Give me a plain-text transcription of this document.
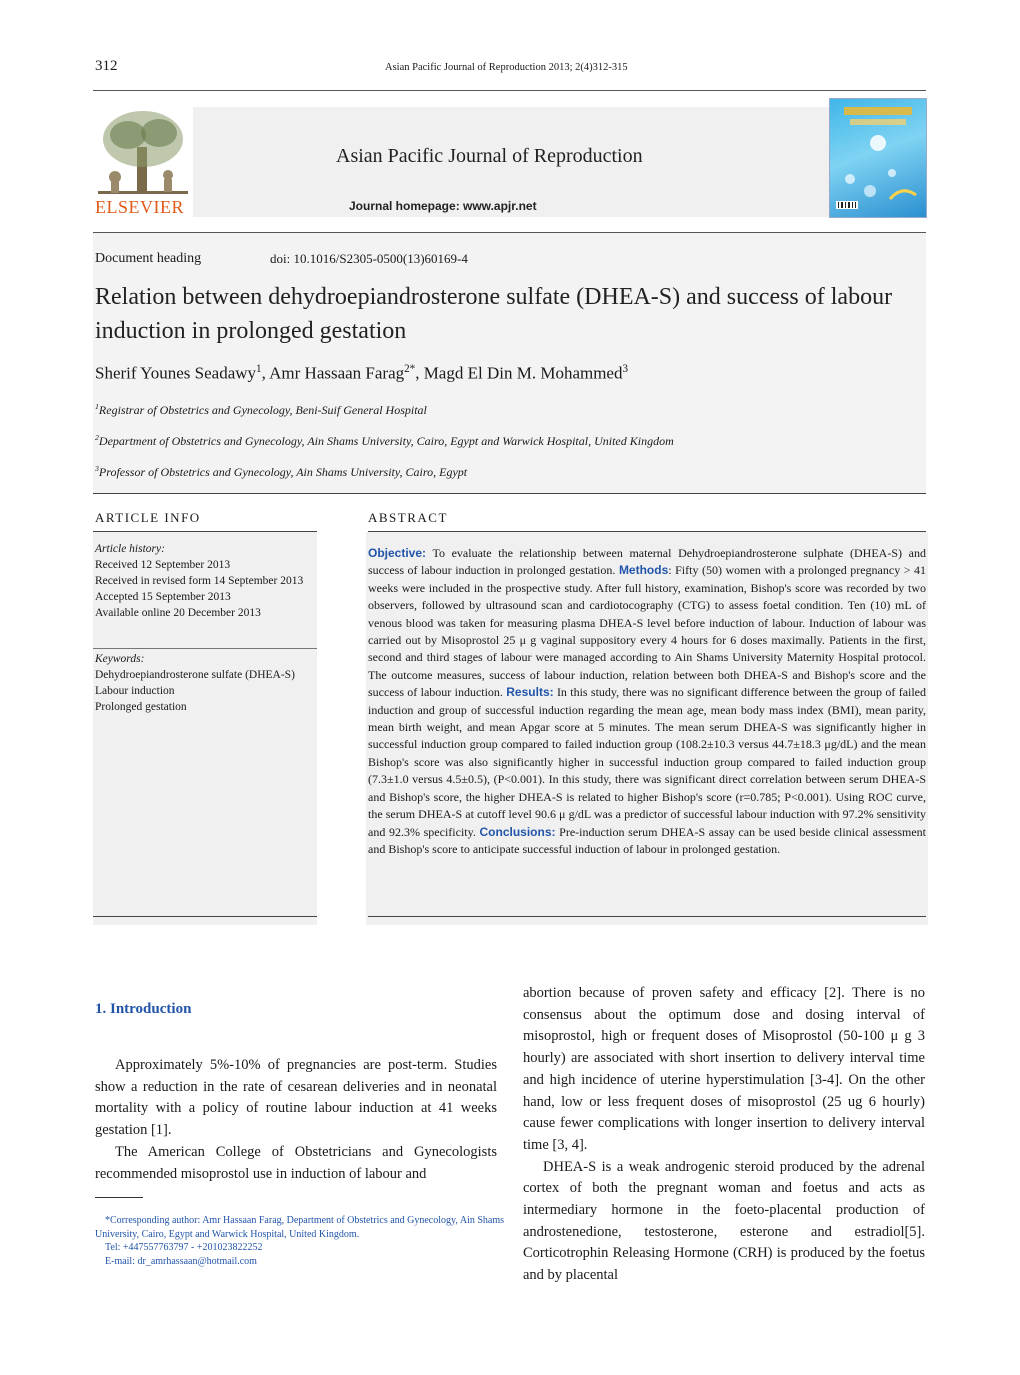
312	Asian Pacific Journal of Reproduction 2013; 2(4)312-315
ELSEVIER
Asian Pacific Journal of Reproduction
Journal homepage: www.apjr.net
Document heading	doi: 10.1016/S2305-0500(13)60169-4
Relation between dehydroepiandrosterone sulfate (DHEA-S) and success of labour induction in prolonged gestation
Sherif Younes Seadawy$^1$, Amr Hassaan Farag$^{2*}$, Magd El Din M. Mohammed$^3$
$^1$Registrar of Obstetrics and Gynecology, Beni-Suif General Hospital
$^2$Department of Obstetrics and Gynecology, Ain Shams University, Cairo, Egypt and Warwick Hospital, United Kingdom
$^3$Professor of Obstetrics and Gynecology, Ain Shams University, Cairo, Egypt
ARTICLE INFO	ABSTRACT
Article history:
Received 12 September 2013
Received in revised form 14 September 2013
Accepted 15 September 2013
Available online 20 December 2013
Keywords:
Dehydroepiandrosterone sulfate (DHEA-S)
Labour induction
Prolonged gestation
Objective: To evaluate the relationship between maternal Dehydroepiandrosterone sulphate (DHEA-S) and success of labour induction in prolonged gestation. Methods: Fifty (50) women with a prolonged pregnancy > 41 weeks were included in the prospective study. After full history, examination, Bishop's score was recorded by two observers, followed by ultrasound scan and cardiotocography (CTG) to assess foetal condition. Ten (10) mL of venous blood was taken for measuring plasma DHEA-S level before induction of labour. Induction of labour was carried out by Misoprostol 25 μ g vaginal suppository every 4 hours for 6 doses maximally. Patients in the first, second and third stages of labour were managed according to Ain Shams University Maternity Hospital protocol. The outcome measures, success of labour induction, relation between both DHEA-S and Bishop's score and the success of labour induction. Results: In this study, there was no significant difference between the group of failed induction and group of successful induction regarding the mean age, mean body mass index (BMI), mean parity, mean birth weight, and mean Apgar score at 5 minutes. The mean serum DHEA-S was significantly higher in successful induction group compared to failed induction group (108.2±10.3 versus 44.7±18.3 μg/dL) and the mean Bishop's score was also significantly higher in successful induction group compared to failed induction group (7.3±1.0 versus 4.5±0.5), (P<0.001). In this study, there was significant direct correlation between serum DHEA-S and Bishop's score, the higher DHEA-S is related to higher Bishop's score (r=0.785; P<0.001). Using ROC curve, the serum DHEA-S at cutoff level 90.6 μ g/dL was a predictor of successful labour induction with 97.2% sensitivity and 92.3% specificity. Conclusions: Pre-induction serum DHEA-S assay can be used beside clinical assessment and Bishop's score to anticipate successful induction of labour in prolonged gestation.
1. Introduction

Approximately 5%-10% of pregnancies are post-term. Studies show a reduction in the rate of cesarean deliveries and in neonatal mortality with a policy of routine labour induction at 41 weeks gestation [1].

The American College of Obstetricians and Gynecologists recommended misoprostol use in induction of labour and

abortion because of proven safety and efficacy [2]. There is no consensus about the optimum dose and dosing interval of misoprostol, high or frequent doses of Misoprostol (50-100 μ g 3 hourly) are associated with short insertion to delivery interval time and high incidence of uterine hyperstimulation [3-4]. On the other hand, low or less frequent doses of misoprostol (25 ug 6 hourly) cause fewer complications with longer insertion to delivery interval time [3, 4].

DHEA-S is a weak androgenic steroid produced by the adrenal cortex of both the pregnant woman and foetus and acts as intermediary hormone in the foeto-placental production of androstenedione, testosterone, esterone and estradiol[5]. Corticotrophin Releasing Hormone (CRH) is produced by the foetus and by placental

*Corresponding author: Amr Hassaan Farag, Department of Obstetrics and Gynecology, Ain Shams University, Cairo, Egypt and Warwick Hospital, United Kingdom.
Tel: +447557763797 - +201023822252
E-mail: dr_amrhassaan@hotmail.com
